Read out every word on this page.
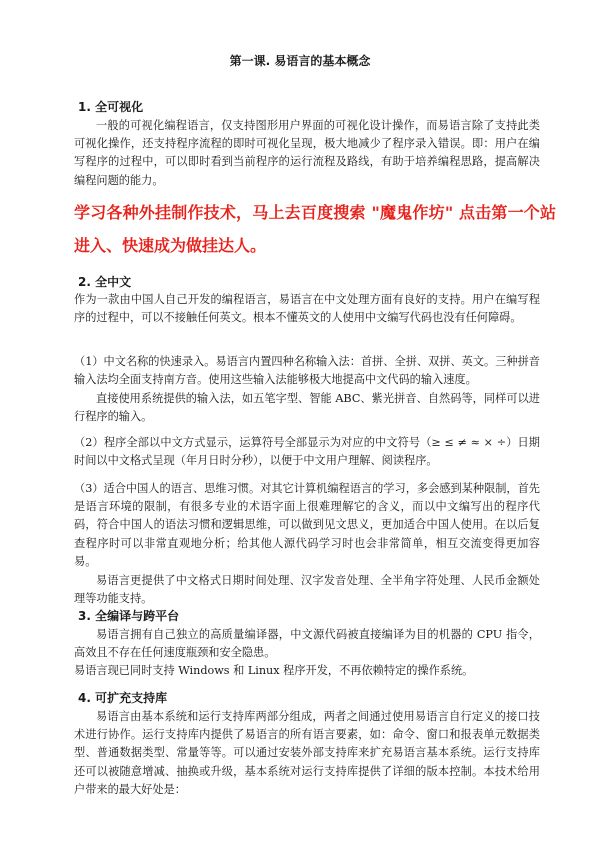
第一课. 易语言的基本概念
1. 全可视化

一般的可视化编程语言，仅支持图形用户界面的可视化设计操作，而易语言除了支持此类可视化操作，还支持程序流程的即时可视化呈现，极大地减少了程序录入错误。即：用户在编写程序的过程中，可以即时看到当前程序的运行流程及路线，有助于培养编程思路，提高解决编程问题的能力。

学习各种外挂制作技术，马上去百度搜索 "魔鬼作坊" 点击第一个站进入、快速成为做挂达人。

2. 全中文

作为一款由中国人自己开发的编程语言，易语言在中文处理方面有良好的支持。用户在编写程序的过程中，可以不接触任何英文。根本不懂英文的人使用中文编写代码也没有任何障碍。

（1）中文名称的快速录入。易语言内置四种名称输入法：首拼、全拼、双拼、英文。三种拼音输入法均全面支持南方音。使用这些输入法能够极大地提高中文代码的输入速度。

直接使用系统提供的输入法，如五笔字型、智能 ABC、紫光拼音、自然码等，同样可以进行程序的输入。

（2）程序全部以中文方式显示，运算符号全部显示为对应的中文符号（≥ ≤ ≠ ≈ × ÷）日期时间以中文格式呈现（年月日时分秒），以便于中文用户理解、阅读程序。

（3）适合中国人的语言、思维习惯。对其它计算机编程语言的学习，多会感到某种限制，首先是语言环境的限制，有很多专业的术语字面上很难理解它的含义，而以中文编写出的程序代码，符合中国人的语法习惯和逻辑思维，可以做到见文思义，更加适合中国人使用。在以后复查程序时可以非常直观地分析；给其他人源代码学习时也会非常简单，相互交流变得更加容易。

易语言更提供了中文格式日期时间处理、汉字发音处理、全半角字符处理、人民币金额处理等功能支持。

3. 全编译与跨平台

易语言拥有自己独立的高质量编译器，中文源代码被直接编译为目的机器的 CPU 指令，高效且不存在任何速度瓶颈和安全隐患。

易语言现已同时支持 Windows 和 Linux 程序开发，不再依赖特定的操作系统。

4. 可扩充支持库

易语言由基本系统和运行支持库两部分组成，两者之间通过使用易语言自行定义的接口技术进行协作。运行支持库内提供了易语言的所有语言要素，如：命令、窗口和报表单元数据类型、普通数据类型、常量等等。可以通过安装外部支持库来扩充易语言基本系统。运行支持库还可以被随意增减、抽换或升级，基本系统对运行支持库提供了详细的版本控制。本技术给用户带来的最大好处是：
